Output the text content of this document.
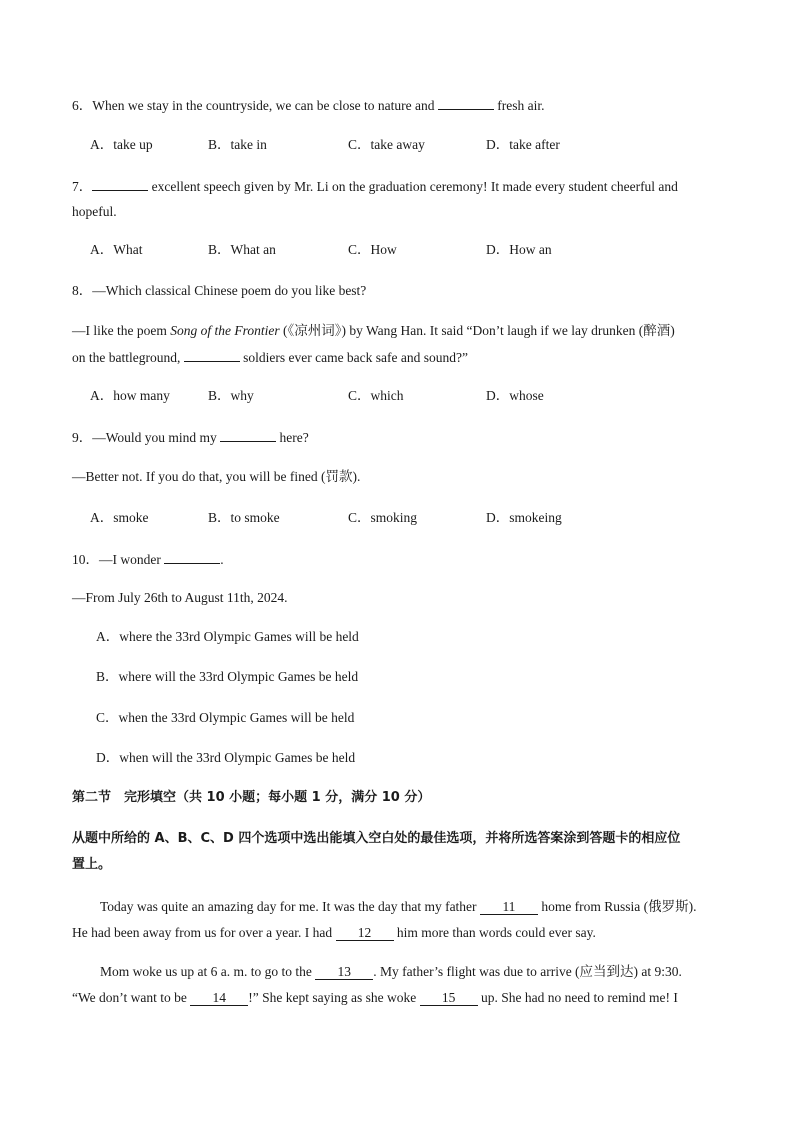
6．When we stay in the countryside, we can be close to nature and	fresh air.
A．take up	B．take in	C．take away	D．take after
7．	excellent speech given by Mr. Li on the graduation ceremony! It made every student cheerful and
hopeful.
A．What	B．What an	C．How	D．How an
8．—Which classical Chinese poem do you like best?
—I like the poem Song of the Frontier (《凉州词》) by Wang Han. It said “Don’t laugh if we lay drunken (醉酒)
on the battleground,	soldiers ever came back safe and sound?”
A．how many	B．why	C．which	D．whose
9．—Would you mind my	here?
—Better not. If you do that, you will be fined (罚款).
A．smoke	B．to smoke	C．smoking	D．smokeing
10．—I wonder	.
—From July 26th to August 11th, 2024.
A．where the 33rd Olympic Games will be held
B．where will the 33rd Olympic Games be held
C．when the 33rd Olympic Games will be held
D．when will the 33rd Olympic Games be held
第二节　完形填空（共 10 小题；每小题 1 分，满分 10 分）
从题中所给的 A、B、C、D 四个选项中选出能填入空白处的最佳选项，并将所选答案涂到答题卡的相应位
置上。
Today was quite an amazing day for me. It was the day that my father 11 home from Russia (俄罗斯).
He had been away from us for over a year. I had 12 him more than words could ever say.
Mom woke us up at 6 a. m. to go to the 13 . My father’s flight was due to arrive (应当到达) at 9:30.
“We don’t want to be 14 !” She kept saying as she woke 15 up. She had no need to remind me! I
